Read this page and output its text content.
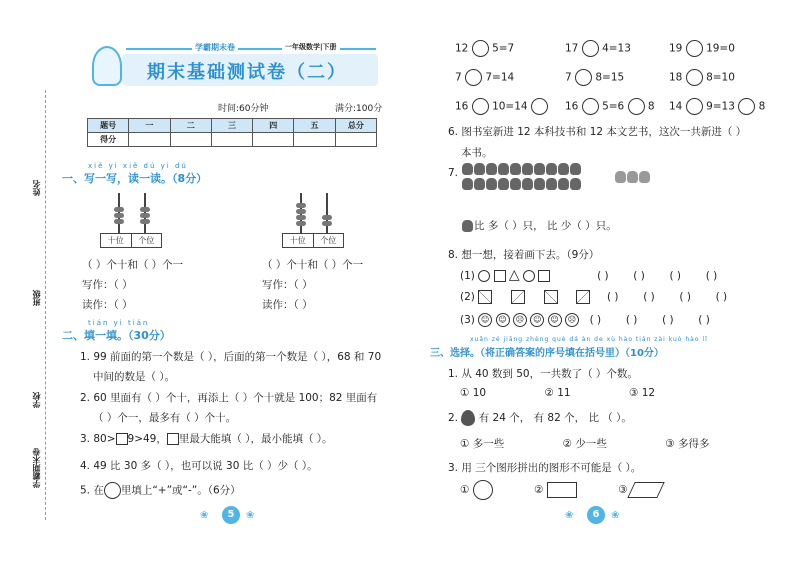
姓名
班级
学校
学霸期末卷
学霸期末卷	一年级数学|下册
期末基础测试卷（二）
时间:60分钟	满分:100分
题号	一	二	三	四	五	总分
得分						
xiě yi xiě dú yi dú
一、写一写，读一读。（8分）
十位	个位
（ ）个十和（ ）个一
写作：（ ）
读作：（ ）
十位	个位
（ ）个十和（ ）个一
写作：（ ）
读作：（ ）
tián yi tián
二、填一填。（30分）
1. 99 前面的第一个数是（ ），后面的第一个数是（ ），68 和 70
中间的数是（ ）。
2. 60 里面有（ ）个十，再添上（ ）个十就是 100；82 里面有
（ ）个一，最多有（ ）个十。
3. 80> 9>49， 里最大能填（ ），最小能填（ ）。
4. 49 比 30 多（ ），也可以说 30 比（ ）少（ ）。
5. 在 里填上“+”或“-”。（6分）
❀	5	❀
12 5=7	17 4=13	19 19=0
7 7=14	7 8=15	18 8=10
16 10=14	16 5=6 8 14 9=13 8
6. 图书室新进 12 本科技书和 12 本文艺书，这次一共新进（ ）
本书。
7.
比 多（ ）只， 比 少（ ）只。
8. 想一想，接着画下去。（9分）
(1) △	( ) ( ) ( ) ( )
(2)	( ) ( ) ( ) ( )
(3) ☺ ☺ ☹ ☺ ☺ ☹ ( ) ( ) ( ) ( )
xuǎn zé jiāng zhèng què dá àn de xù hào tián zài kuò hào lǐ
三、选择。（将正确答案的序号填在括号里）（10分）
1. 从 40 数到 50，一共数了（ ）个数。
① 10	② 11	③ 12
2. 有 24 个， 有 82 个， 比 （ ）。
① 多一些	② 少一些	③ 多得多
3. 用 三个图形拼出的图形不可能是（ ）。
①	②	③
❀	6	❀
